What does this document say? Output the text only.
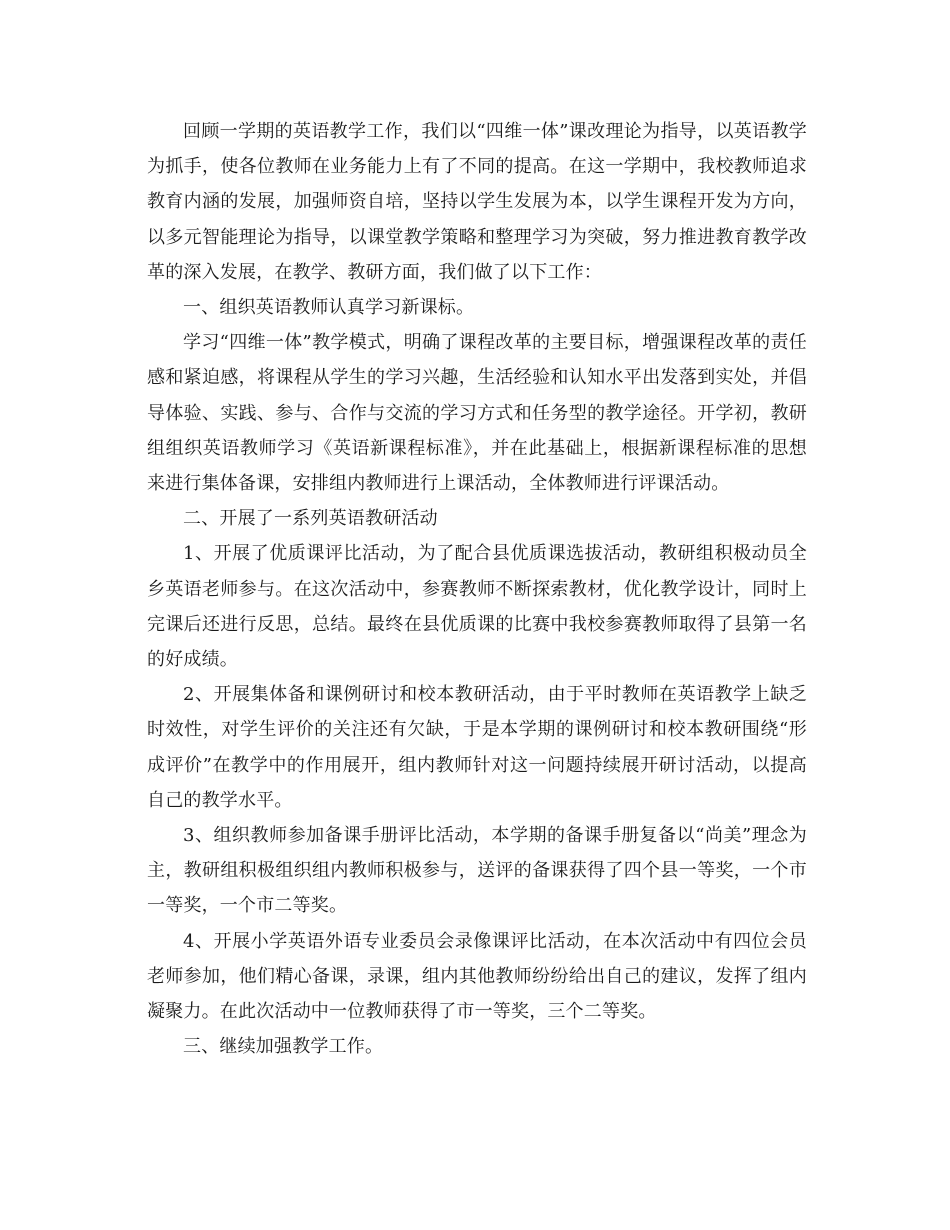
回顾一学期的英语教学工作，我们以“四维一体”课改理论为指导，以英语教学为抓手，使各位教师在业务能力上有了不同的提高。在这一学期中，我校教师追求教育内涵的发展，加强师资自培，坚持以学生发展为本，以学生课程开发为方向，以多元智能理论为指导，以课堂教学策略和整理学习为突破，努力推进教育教学改革的深入发展，在教学、教研方面，我们做了以下工作：

一、组织英语教师认真学习新课标。

学习“四维一体”教学模式，明确了课程改革的主要目标，增强课程改革的责任感和紧迫感，将课程从学生的学习兴趣，生活经验和认知水平出发落到实处，并倡导体验、实践、参与、合作与交流的学习方式和任务型的教学途径。开学初，教研组组织英语教师学习《英语新课程标准》，并在此基础上，根据新课程标准的思想来进行集体备课，安排组内教师进行上课活动，全体教师进行评课活动。

二、开展了一系列英语教研活动

1、开展了优质课评比活动，为了配合县优质课选拔活动，教研组积极动员全乡英语老师参与。在这次活动中，参赛教师不断探索教材，优化教学设计，同时上完课后还进行反思，总结。最终在县优质课的比赛中我校参赛教师取得了县第一名的好成绩。

2、开展集体备和课例研讨和校本教研活动，由于平时教师在英语教学上缺乏时效性，对学生评价的关注还有欠缺，于是本学期的课例研讨和校本教研围绕“形成评价”在教学中的作用展开，组内教师针对这一问题持续展开研讨活动，以提高自己的教学水平。

3、组织教师参加备课手册评比活动，本学期的备课手册复备以“尚美”理念为主，教研组积极组织组内教师积极参与，送评的备课获得了四个县一等奖，一个市一等奖，一个市二等奖。

4、开展小学英语外语专业委员会录像课评比活动，在本次活动中有四位会员老师参加，他们精心备课，录课，组内其他教师纷纷给出自己的建议，发挥了组内凝聚力。在此次活动中一位教师获得了市一等奖，三个二等奖。

三、继续加强教学工作。
